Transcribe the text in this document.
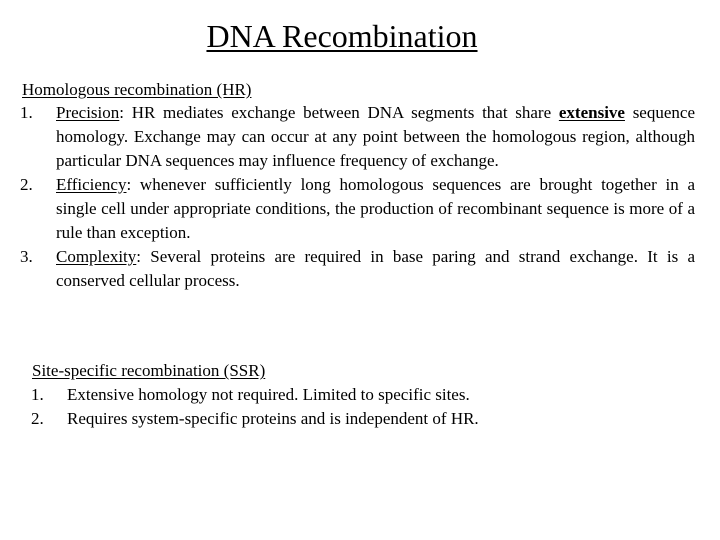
DNA Recombination
Homologous recombination (HR)
1.	Precision: HR mediates exchange between DNA segments that share extensive sequence homology. Exchange may can occur at any point between the homologous region, although particular DNA sequences may influence frequency of exchange.
2.	Efficiency: whenever sufficiently long homologous sequences are brought together in a single cell under appropriate conditions, the production of recombinant sequence is more of a rule than exception.
3.	Complexity: Several proteins are required in base paring and strand exchange. It is a conserved cellular process.
Site-specific recombination (SSR)
1.	Extensive homology not required. Limited to specific sites.
2.	Requires system-specific proteins and is independent of HR.
